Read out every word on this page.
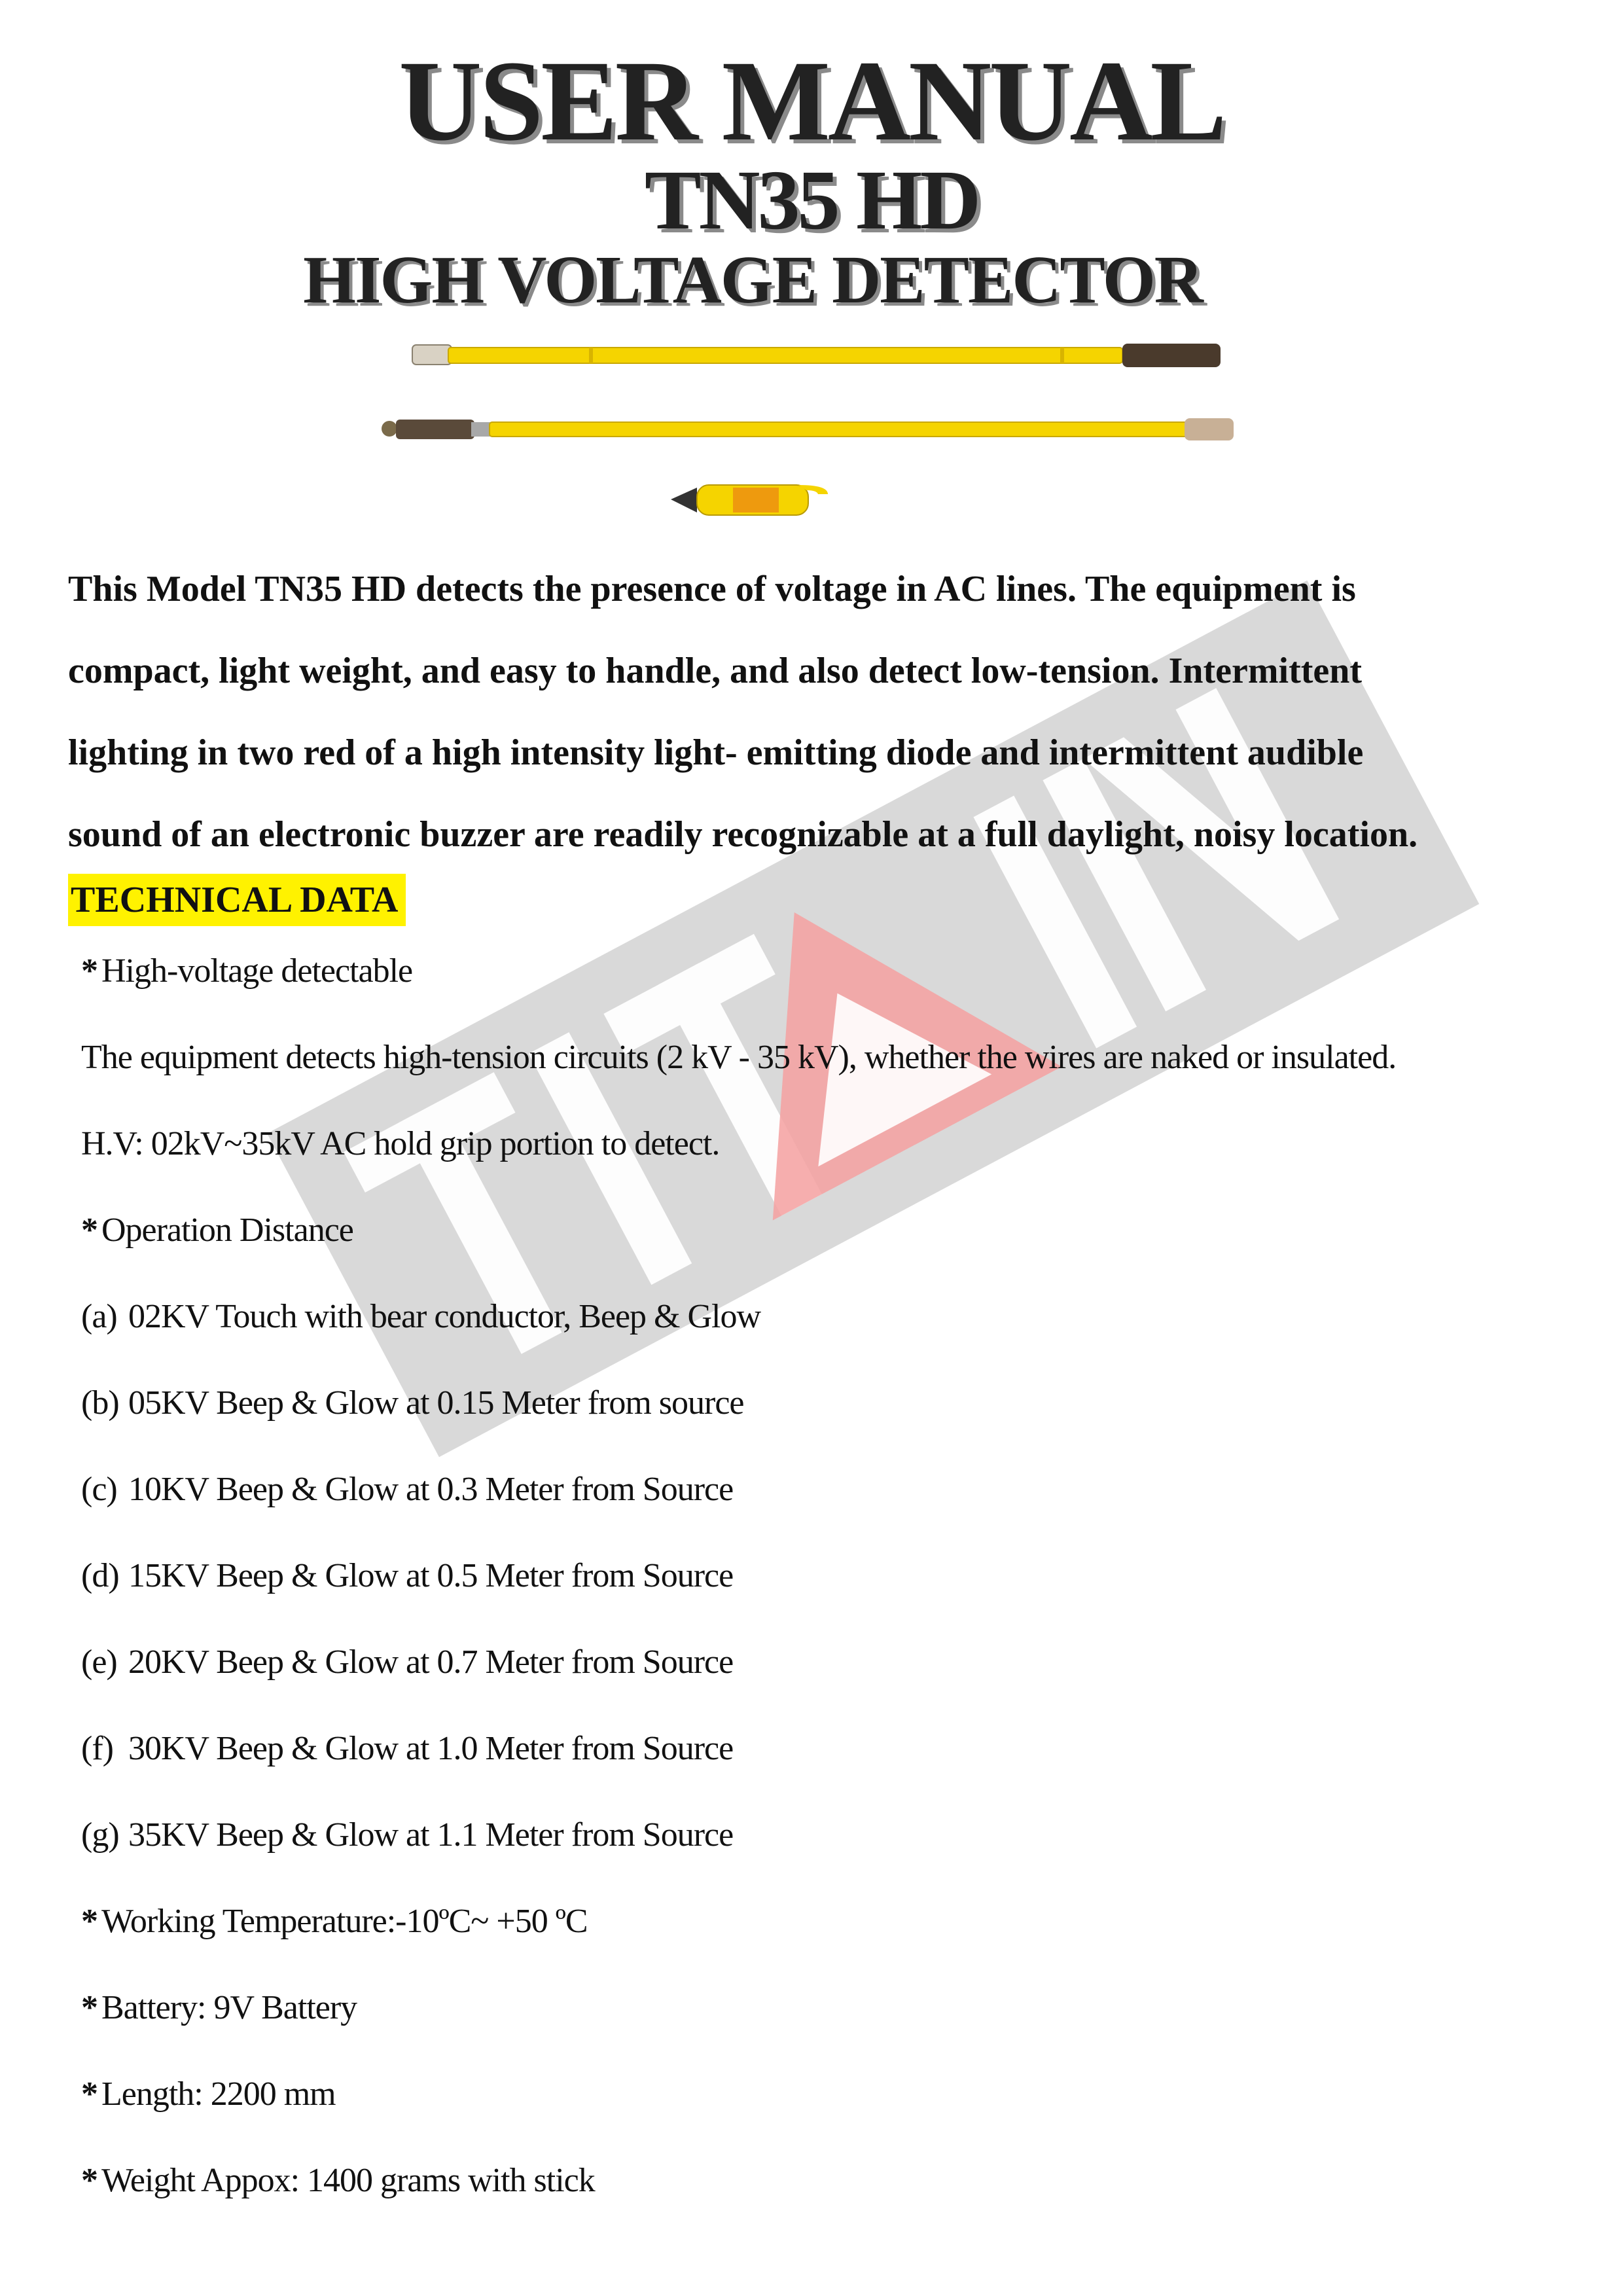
USER MANUAL
TN35 HD
HIGH VOLTAGE DETECTOR

This Model TN35 HD detects the presence of voltage in AC lines. The equipment is

compact, light weight, and easy to handle, and also detect low-tension. Intermittent

lighting in two red of a high intensity light- emitting diode and intermittent audible

sound of an electronic buzzer are readily recognizable at a full daylight, noisy location.

TECHNICAL DATA
* High-voltage detectable
The equipment detects high-tension circuits (2 kV - 35 kV), whether the wires are naked or insulated.
H.V: 02kV~35kV AC hold grip portion to detect.
* Operation Distance
(a) 02KV Touch with bear conductor, Beep & Glow
(b) 05KV Beep & Glow at 0.15 Meter from source
(c) 10KV Beep & Glow at 0.3 Meter from Source
(d) 15KV Beep & Glow at 0.5 Meter from Source
(e) 20KV Beep & Glow at 0.7 Meter from Source
(f) 30KV Beep & Glow at 1.0 Meter from Source
(g) 35KV Beep & Glow at 1.1 Meter from Source
* Working Temperature:-10ºC~ +50 ºC
* Battery: 9V Battery
* Length: 2200 mm
* Weight Appox: 1400 grams with stick
